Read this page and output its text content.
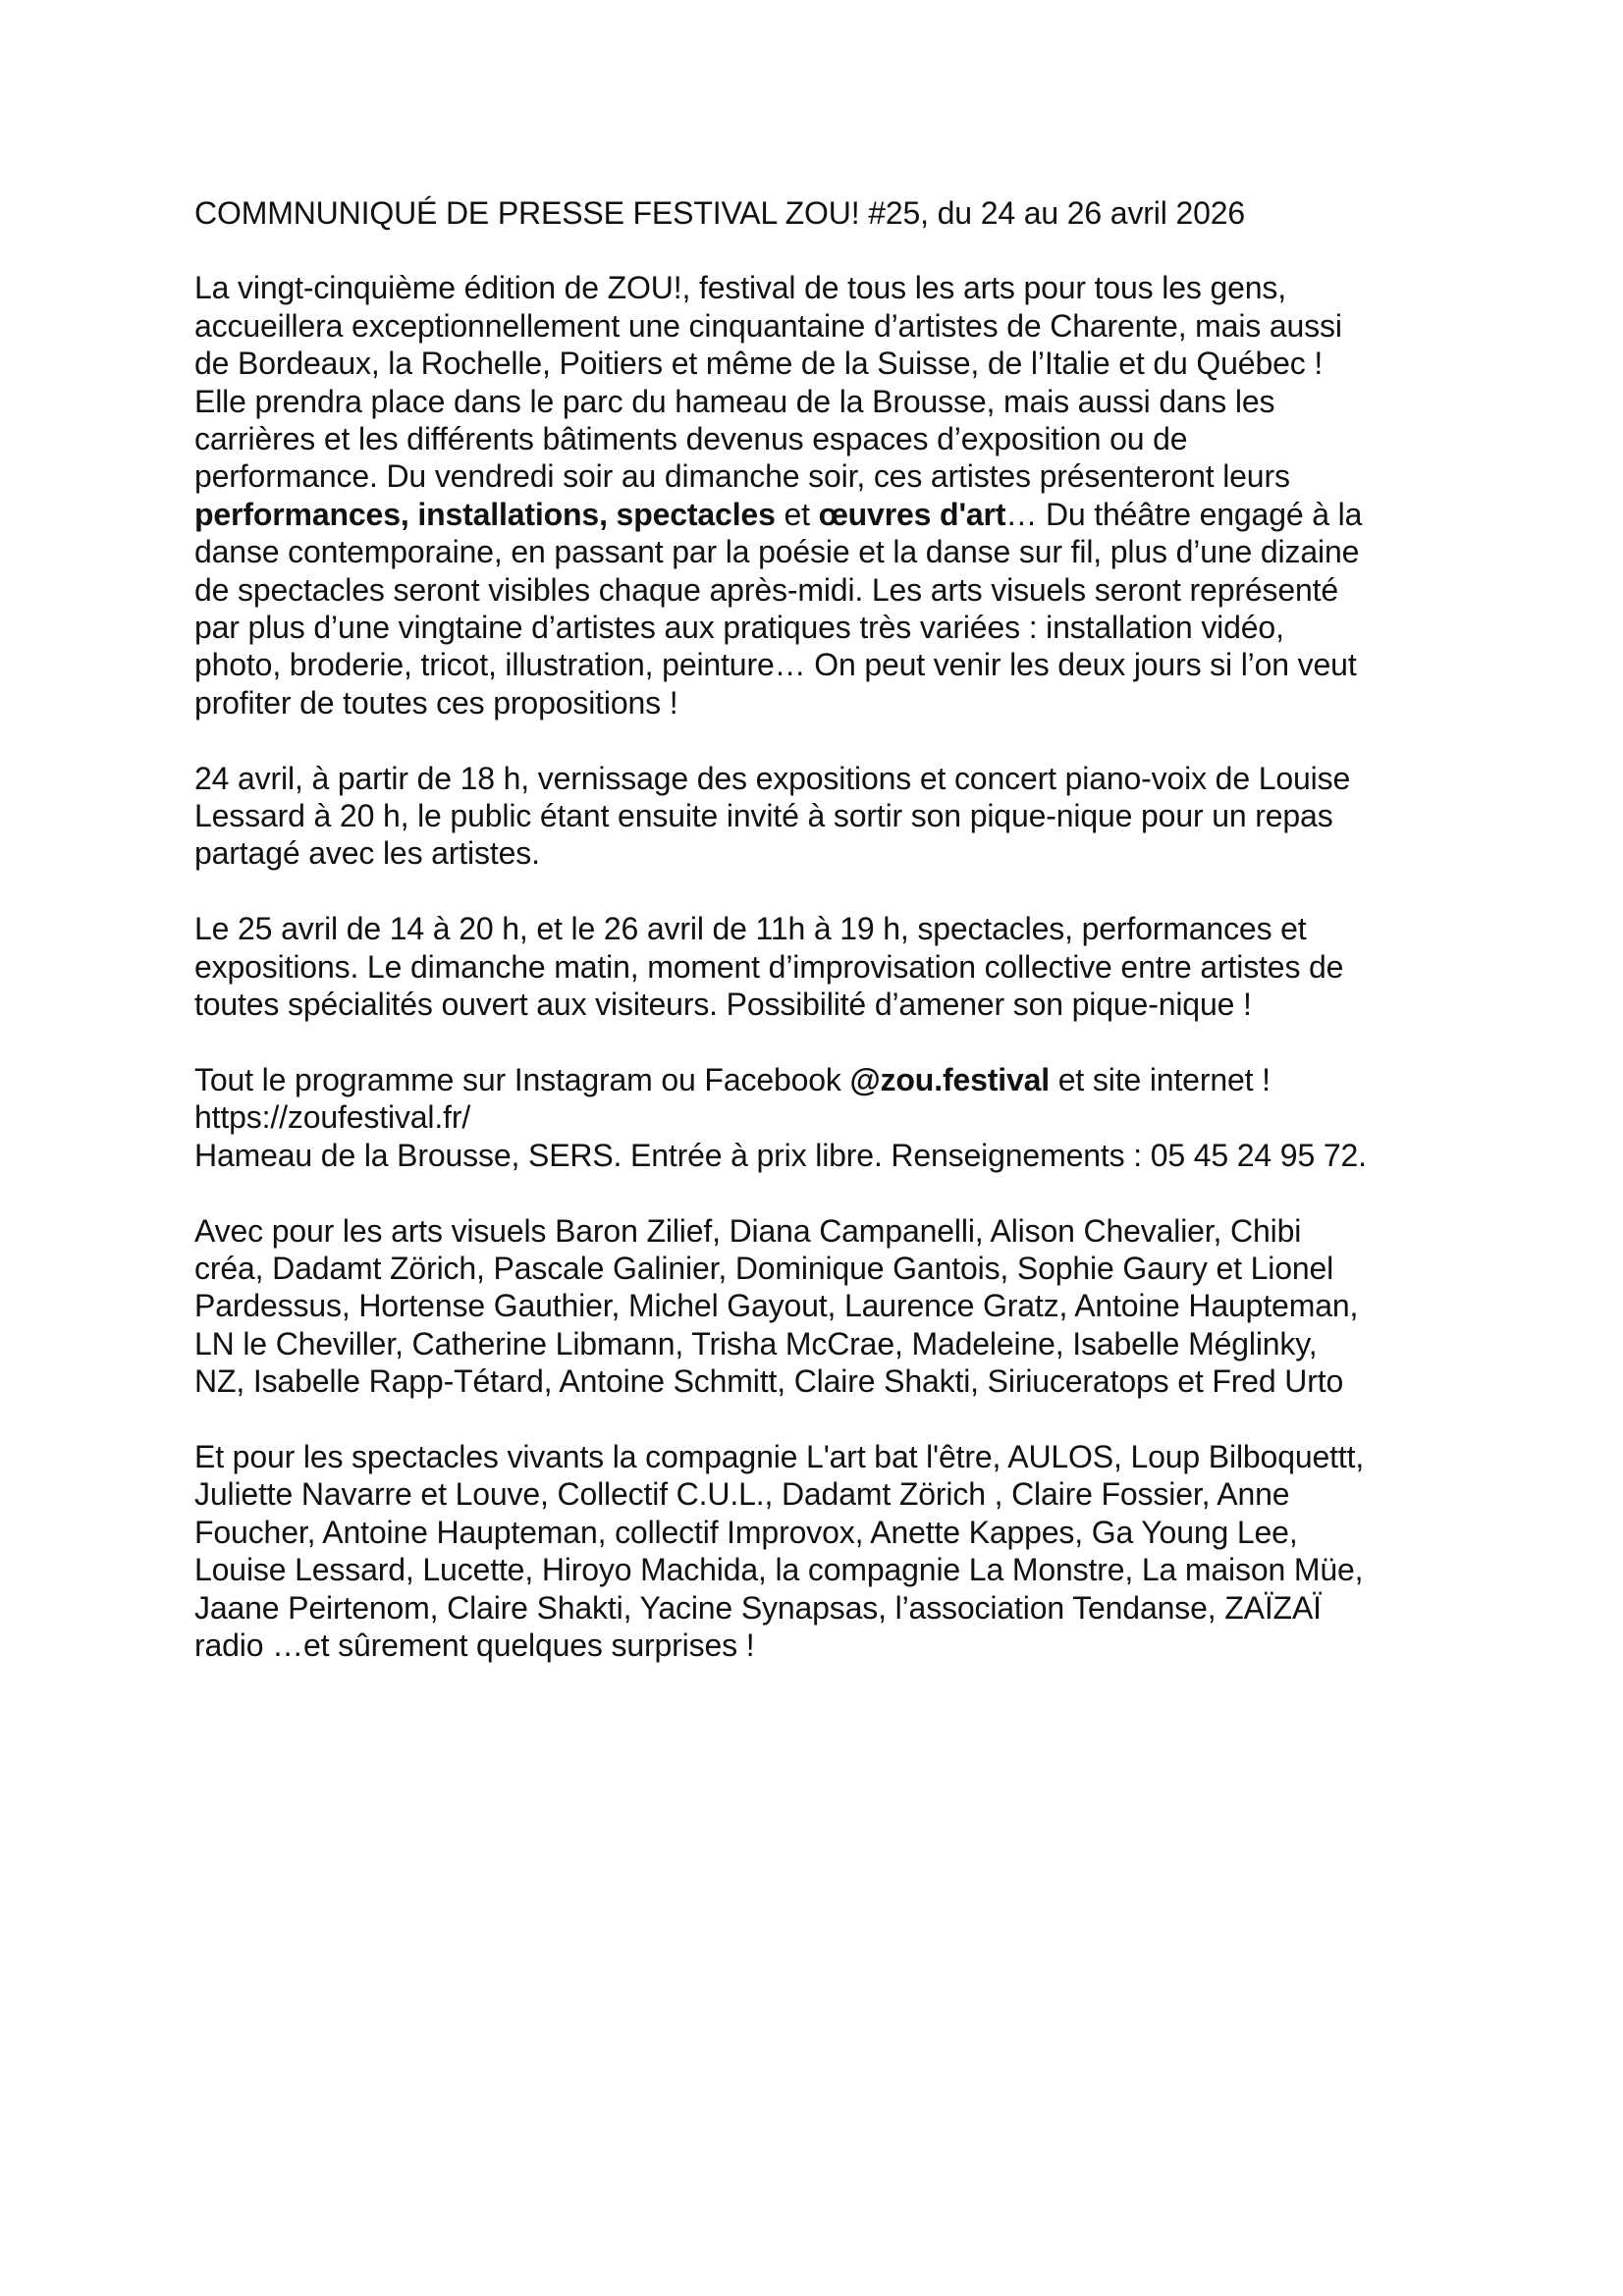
COMMNUNIQUÉ DE PRESSE FESTIVAL ZOU! #25, du 24 au 26 avril 2026
La vingt-cinquième édition de ZOU!, festival de tous les arts pour tous les gens,
accueillera exceptionnellement une cinquantaine d’artistes de Charente, mais aussi
de Bordeaux, la Rochelle, Poitiers et même de la Suisse, de l’Italie et du Québec !
Elle prendra place dans le parc du hameau de la Brousse, mais aussi dans les
carrières et les différents bâtiments devenus espaces d’exposition ou de
performance. Du vendredi soir au dimanche soir, ces artistes présenteront leurs
performances, installations, spectacles et œuvres d'art… Du théâtre engagé à la
danse contemporaine, en passant par la poésie et la danse sur fil, plus d’une dizaine
de spectacles seront visibles chaque après-midi. Les arts visuels seront représenté
par plus d’une vingtaine d’artistes aux pratiques très variées : installation vidéo,
photo, broderie, tricot, illustration, peinture… On peut venir les deux jours si l’on veut
profiter de toutes ces propositions !
24 avril, à partir de 18 h, vernissage des expositions et concert piano-voix de Louise
Lessard à 20 h, le public étant ensuite invité à sortir son pique-nique pour un repas
partagé avec les artistes.
Le 25 avril de 14 à 20 h, et le 26 avril de 11h à 19 h, spectacles, performances et
expositions. Le dimanche matin, moment d’improvisation collective entre artistes de
toutes spécialités ouvert aux visiteurs. Possibilité d’amener son pique-nique !
Tout le programme sur Instagram ou Facebook @zou.festival et site internet !
https://zoufestival.fr/
Hameau de la Brousse, SERS. Entrée à prix libre. Renseignements : 05 45 24 95 72.
Avec pour les arts visuels Baron Zilief, Diana Campanelli, Alison Chevalier, Chibi
créa, Dadamt Zörich, Pascale Galinier, Dominique Gantois, Sophie Gaury et Lionel
Pardessus, Hortense Gauthier, Michel Gayout, Laurence Gratz, Antoine Haupteman,
LN le Cheviller, Catherine Libmann, Trisha McCrae, Madeleine, Isabelle Méglinky,
NZ, Isabelle Rapp-Tétard, Antoine Schmitt, Claire Shakti, Siriuceratops et Fred Urto
Et pour les spectacles vivants la compagnie L'art bat l'être, AULOS, Loup Bilboquettt,
Juliette Navarre et Louve, Collectif C.U.L., Dadamt Zörich , Claire Fossier, Anne
Foucher, Antoine Haupteman, collectif Improvox, Anette Kappes, Ga Young Lee,
Louise Lessard, Lucette, Hiroyo Machida, la compagnie La Monstre, La maison Müe,
Jaane Peirtenom, Claire Shakti, Yacine Synapsas, l’association Tendanse, ZAÏZAÏ
radio …et sûrement quelques surprises !
